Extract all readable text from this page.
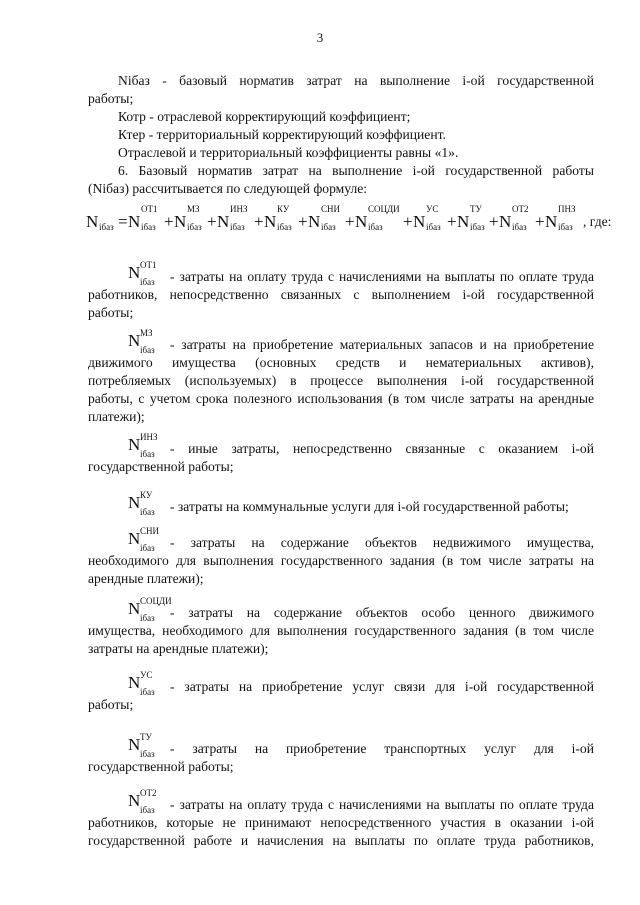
3
Nібаз - базовый норматив затрат на выполнение і-ой государственной
работы;
Котр - отраслевой корректирующий коэффициент;
Ктер - территориальный корректирующий коэффициент.
Отраслевой и территориальный коэффициенты равны «1».
6. Базовый норматив затрат на выполнение і-ой государственной работы
(Nібаз) рассчитывается по следующей формуле:
N iбаз = N
ОТ1
iбаз + N
МЗ
iбаз + N
ИНЗ
iбаз + N
КУ
iбаз + N
СНИ
iбаз + N
СОЦДИ
iбаз + N
УС
iбаз + N
ТУ
iбаз + N
ОТ2
iбаз + N
ПНЗ
iбаз , где:
N ОТ1
iбаз - затраты на оплату труда с начислениями на выплаты по оплате труда
работников, непосредственно связанных с выполнением і-ой государственной
работы;
N МЗ
iбаз - затраты на приобретение материальных запасов и на приобретение
движимого имущества (основных средств и нематериальных активов),
потребляемых (используемых) в процессе выполнения і-ой государственной
работы, с учетом срока полезного использования (в том числе затраты на арендные
платежи);
N ИНЗ
iбаз - иные затраты, непосредственно связанные с оказанием і-ой
государственной работы;
N КУ
iбаз - затраты на коммунальные услуги для і-ой государственной работы;
N СНИ
iбаз - затраты на содержание объектов недвижимого имущества,
необходимого для выполнения государственного задания (в том числе затраты на
арендные платежи);
N СОЦДИ
iбаз - затраты на содержание объектов особо ценного движимого
имущества, необходимого для выполнения государственного задания (в том числе
затраты на арендные платежи);
N УС
iбаз - затраты на приобретение услуг связи для і-ой государственной
работы;
N ТУ
iбаз - затраты на приобретение транспортных услуг для і-ой
государственной работы;
N ОТ2
iбаз - затраты на оплату труда с начислениями на выплаты по оплате труда
работников, которые не принимают непосредственного участия в оказании і-ой
государственной работе и начисления на выплаты по оплате труда работников,
